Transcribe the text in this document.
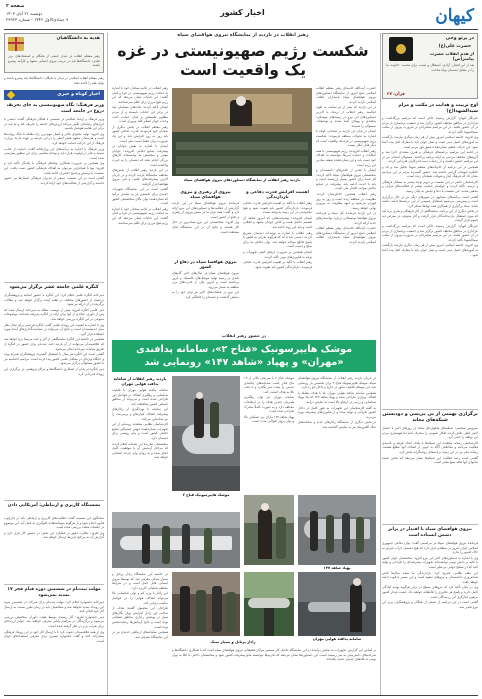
کیهان
اخبار کشور
صفحه ۲
دوشنبه ۲۱ آبان ۱۴۰۳
۹ جمادی‌الاول ۱۴۴۶ - شماره ۲۳۹۲۳
در پرتو وحی
حضرت علی(ع)
از هدم انقلاب حضرت پیامبر(ص)
بعد از این اقتدار، آزادی، استقلال و امنیت برای ماست. خداوند، ما را در مقابل دشمنان توانا ساخت.
قرآن، ۲۷
اوج تربیت و هدایت در مکتب و مرام سیدالشهدا(ع)

خبرنگار کیهان: گزارش رسیده حاکی است که مراسم بزرگداشت و عزاداری در مناطق مختلف کشور برگزار شد و جمعیت پرشماری از مردم در آن حضور یافتند. در این مراسم سخنرانان بر ضرورت پیروی از مکتب سیدالشهدا تأکید کردند.

وی افزود: جامعه اسلامی امروز بیش از هر زمان دیگری نیازمند بازگشت به آموزه‌های اصیل دینی است و نسل جوان باید با معارف اهل بیت آشنا شود. این حرکت عظیم نشان‌دهنده عمق باور مردم است.

در ادامه این مراسم برنامه‌های فرهنگی و هنری متعددی اجرا شد و گروه‌های مختلف مردمی به ارائه برنامه پرداختند. مسئولان استانی نیز در این مراسم حضور داشتند و از زحمات دست‌اندرکاران قدردانی کردند.

همچنین در این برنامه از خانواده‌های معظم شهدا تجلیل شد و یاد و خاطره شهیدان گرامی داشته شد. حضور گسترده مردم در این مراسم نشان داد که فرهنگ ایثار و شهادت همچنان زنده است.

کارشناسان حاضر در این نشست بر لزوم توجه بیشتر به مسائل فرهنگی و تربیتی تأکید کردند و خواستار حمایت بیشتر از فعالیت‌های قرآنی و مذهبی شدند. این نشست با دعا و نیایش به پایان رسید.

گفتنی است برنامه‌های مشابهی در شهرهای دیگر نیز در حال برگزاری است و پیش‌بینی می‌شود استقبال عمومی از این برنامه‌ها ادامه داشته باشد. ستاد برگزاری از همکاری همه نهادها تشکر کرد.

در بخش دیگری از این برنامه، نمایشگاهی از آثار فرهنگی و هنری برپا شد که مورد استقبال بازدیدکنندگان قرار گرفت و آثار متنوعی در معرض دید عموم قرار گرفت.

خبرنگار کیهان: گزارش رسیده حاکی است که مراسم بزرگداشت و عزاداری در مناطق مختلف کشور برگزار شد و جمعیت پرشماری از مردم در آن حضور یافتند. در این مراسم سخنرانان بر ضرورت پیروی از مکتب سیدالشهدا تأکید کردند.

وی افزود: جامعه اسلامی امروز بیش از هر زمان دیگری نیازمند بازگشت به آموزه‌های اصیل دینی است و نسل جوان باید با معارف اهل بیت آشنا شود.

برگزاری بهمنی از بی بی‌سی و دودبستن شبکه‌های معاند

سرویس سیاسی: شبکه‌های ماهواره‌ای معاند در روزهای اخیر با انتشار اخبار جعلی تلاش کردند افکار عمومی را منحرف کنند اما هوشیاری مردم این توطئه را خنثی کرد.

کارشناسان رسانه معتقدند این شبکه‌ها با هدف ایجاد تفرقه و ناامیدی فعالیت می‌کنند و مخاطبان آگاه به خوبی از اهداف آنها مطلع هستند. رسانه ملی نیز در این زمینه برنامه‌های روشنگرانه پخش کرد.

گفتنی است رصد فعالیت این شبکه‌ها نشان می‌دهد که بخش عمده محتوای آنها فاقد منبع معتبر است.

نیروی هوافضای سپاه با اقتدار در برابر دشمن ایستاده است

فرمانده نیروی هوافضای سپاه در مراسمی گفت: توان دفاعی جمهوری اسلامی ایران امروز در سطحی قرار دارد که هیچ دشمنی جرأت تعرض به خاک کشور را ندارد.

وی با اشاره به دستاوردهای اخیر این نیرو افزود: متخصصان جوان کشور با تکیه بر دانش بومی توانسته‌اند تجهیزات پیشرفته‌ای را طراحی و تولید کنند که در سطح جهانی بی‌نظیر است.

این مقام نظامی تصریح کرد: بازدارندگی ما نتیجه سال‌ها تلاش شبانه‌روزی دانشمندان و نیروهای متعهد است و این مسیر با قوت ادامه خواهد یافت.

وی در پایان تأکید کرد که نیروهای مسلح در برابر هرگونه تهدید آمادگی کامل دارند و پاسخ هر تجاوزی را قاطعانه خواهند داد. امنیت پایدار کشور مرهون ایثارگری این رزمندگان است.

گفتنی است در این مراسم از جمعی از نخبگان و پژوهشگران برتر این نیرو تقدیر شد.

رهبر انقلاب در بازدید از نمایشگاه نیروی هوافضای سپاه
شکست رژیم صهیونیستی در غزه یک واقعیت است
هدیه به دانشگاهیان
رهبر معظم انقلاب در دیدار جمعی از نخبگان و استعدادهای برتر علمی: دانشگاه‌ها باید در تربیت نیروی انسانی متعهد و کارآمد پیشرو باشند.

رهبر معظم انقلاب اسلامی در دیدار با نخبگان: دانشگاه‌ها باید پیشرو باشند و تولید علم را ادامه دهند.

اخبار کوتاه و خبری
وزیر فرهنگ: نگاه صهیونیستی به جای تحریف دروغ در جامعه است

وزیر فرهنگ و ارشاد اسلامی در نشستی با فعالان فرهنگی گفت: دشمن با ابزارهای رسانه‌ای تلاش می‌کند ارزش‌های جامعه را تحریف کند و ما باید در برابر این هجمه هوشیار باشیم.

وی افزود: تولید محتوای فاخر و اصیل مهم‌ترین راه مقابله با جنگ روایت‌ها است و هنرمندان متعهد نقش اصلی را در این عرصه بر عهده دارند. وزارت فرهنگ از این حرکت حمایت خواهد کرد.

وزیر فرهنگ با اشاره به برنامه‌های این وزارتخانه گفت: حمایت از کتاب، سینما و تئاتر در اولویت قرار دارد و بودجه مناسبی برای این منظور پیش‌بینی شده است.

وی همچنین بر ضرورت همکاری نهادهای فرهنگی با یکدیگر تأکید کرد و افزود: تنها با هم‌افزایی می‌توان به اهداف فرهنگی کشور دست یافت. این نشست با پرسش و پاسخ حاضران ادامه یافت.

گفتنی است در این نشست جمعی از مدیران فرهنگی استان‌ها نیز حضور داشتند و گزارشی از فعالیت‌های خود ارائه کردند.

کنگره علمی جامعه عشر برگزار می‌شود

دبیرخانه کنگره علمی اعلام کرد: این کنگره با حضور اساتید و پژوهشگران برجسته از کشورهای مختلف در هفته آینده برگزار خواهد شد و مقالات برگزیده در آن ارائه می‌شود.

دبیر علمی کنگره افزود: بیش از دویست مقاله به دبیرخانه ارسال شده که پس از داوری، تعدادی از آنها برای ارائه در کنگره پذیرفته شده‌اند. موضوعات متنوعی در این کنگره بررسی خواهد شد.

وی با اشاره به اهمیت این رویداد علمی گفت: کنگره فرصتی برای تبادل نظر میان اندیشمندان است و نتایج آن می‌تواند در سیاست‌گذاری‌های آینده مورد استفاده قرار گیرد.

همچنین در حاشیه این کنگره نمایشگاهی از آثار و کتب مرتبط برپا خواهد شد که علاقه‌مندان می‌توانند از آن بازدید کنند. ثبت‌نام برای حضور در کنگره از طریق سامانه دبیرخانه انجام می‌شود.

گفتنی است این کنگره هر سال با استقبال گسترده پژوهشگران همراه بوده و جایگاه ویژه‌ای در محافل علمی کشور پیدا کرده است. مراسم اختتامیه نیز با حضور مسئولان برگزار می‌شود.

دبیر کنگره در پایان از همکاری دانشگاه‌ها و مراکز پژوهشی در برگزاری این رویداد قدردانی کرد.

نشستگاه کاربری و ارتباطی: آمریکایی دادن

سخنگوی این نشست گفت: فعالیت‌های کاربری و ارتباطی باید در چارچوب قانون انجام شود و از هرگونه سوءاستفاده جلوگیری به عمل آید. این موضوع در جلسات متعدد بررسی شده است.

وی افزود: نظارت دقیق بر عملکرد این بخش در دستور کار قرار دارد و گزارش آن به مراجع ذی‌ربط ارسال خواهد شد.

مهلت ثبت‌نام در ششمین دوره قیام فجر ۱۷ تمدید نمی‌شود

دبیرخانه جشنواره اعلام کرد: مهلت ثبت‌نام برای شرکت در ششمین دوره این رویداد تمدید نخواهد شد و متقاضیان باید در زمان مقرر نسبت به ارسال آثار خود اقدام کنند.

دبیر جشنواره افزود: آثار رسیده توسط هیئت داوران متخصص بررسی می‌شود و برگزیدگان در مراسم پایانی معرفی خواهند شد. جوایز ارزنده‌ای برای نفرات برتر در نظر گرفته شده است.

وی از همه علاقه‌مندان دعوت کرد تا با ارسال آثار خود در این رویداد فرهنگی مشارکت کنند و گفت جشنواره بستری برای معرفی استعدادهای جوان است.

بازدید رهبر انقلاب از نمایشگاه دستاوردهای نیروی هوافضای سپاه

حضرت آیت‌الله خامنه‌ای رهبر معظم انقلاب اسلامی صبح امروز از نمایشگاه دستاوردهای نیروی هوافضای سپاه پاسداران انقلاب اسلامی بازدید کردند.

در این بازدید که بیش از دو ساعت به طول انجامید، رهبر انقلاب از نزدیک با آخرین دستاوردهای این نیرو در زمینه‌های موشکی، پدافندی و پهپادی آشنا شدند و توضیحات مسئولان را شنیدند.

ایشان در پایان این بازدید در سخنانی کوتاه با اشاره به تحولات منطقه فرمودند: شکست رژیم صهیونیستی در غزه یک واقعیت است که دیگر قابل انکار نیست.

رهبر انقلاب افزودند: رژیم صهیونیستی با همه امکانات و حمایت آمریکا نتوانسته به اهداف خود دست یابد و این نشان‌دهنده ضعف بنیادین این رژیم است.

ایشان با تقدیر از تلاش‌های دانشمندان و متخصصان نیروی هوافضای سپاه تأکید کردند: کار شما برای کشور بسیار ارزشمند است و باید با جدیت ادامه یابد. پیشرفت در صنایع دفاعی موجب اقتدار ملی است.

رهبر انقلاب همچنین خاطرنشان کردند: مقاومت در منطقه زنده است و روز به روز قوی‌تر می‌شود و جبهه مقاومت به پیروزی نهایی خواهد رسید.

در این بازدید فرمانده کل سپاه و فرمانده نیروی هوافضا توضیحاتی درباره توانمندی‌های جدید ارائه کردند.

حضرت آیت‌الله خامنه‌ای رهبر معظم انقلاب اسلامی صبح امروز از نمایشگاه دستاوردهای نیروی هوافضای سپاه پاسداران انقلاب اسلامی بازدید کردند.

رهبر انقلاب در ادامه سخنان خود با اشاره به جنایات رژیم صهیونیستی در غزه و لبنان گفتند: این جنایات نشان می‌دهد که این رژیم هیچ مرزی برای ظلم نمی‌شناسد.

ایشان تأکید کردند: ملت‌های مسلمان باید در برابر این جنایات بایستند و از مردم مظلوم فلسطین و لبنان حمایت کنند. وحدت جهان اسلام کلید پیروزی است.

رهبر معظم انقلاب در بخش دیگری از سخنان خود فرمودند: قدرت دفاعی کشور باید روز به روز افزایش یابد و این یک ضرورت برای حفظ امنیت ملی است.

ایشان با اشاره به نقش جوانان در پیشرفت صنایع دفاعی افزودند: جوانان مؤمن و متخصص ما توانسته‌اند کارهای بزرگی انجام دهند که دشمنان را به حیرت واداشته است.

در این بازدید رهبر انقلاب از بخش‌های مختلف نمایشگاه بازدید کردند و در جریان آخرین پیشرفت‌های علمی و فنی نیروی هوافضا قرار گرفتند.

گفتنی است در این نمایشگاه تجهیزات جدیدی برای نخستین بار به نمایش درآمد که نشان‌دهنده توان بالای متخصصان کشور است.

رهبر انقلاب در ادامه سخنان خود با اشاره به جنایات رژیم صهیونیستی در غزه و لبنان گفتند: این جنایات نشان می‌دهد که این رژیم هیچ مرزی برای ظلم نمی‌شناسد.

اهمیت افزایش قدرت دفاعی و بازدارندگی

رهبر انقلاب با تأکید بر اهمیت افزایش قدرت دفاعی فرمودند: بازدارندگی کشور باید تقویت شود و هیچ محدودیتی در این زمینه پذیرفته نیست.

ایشان افزودند: پیشرفت‌هایی که امروز شاهد آن هستیم حاصل همت و تلاش جوانان متعهد و انقلابی است و باید این روند ادامه یابد.

رهبر انقلاب با اشاره به تهدیدات دشمنان تصریح کردند: دشمن باید بداند که هرگونه تعرض به کشور با پاسخ قاطع مواجه خواهد شد. توان دفاعی ما برای صلح و امنیت است.

ایشان همچنین بر ضرورت ارتقای کیفی تجهیزات و توجه به فناوری‌های نوین تأکید کردند.

رهبر انقلاب با تأکید بر اهمیت افزایش قدرت دفاعی فرمودند: بازدارندگی کشور باید تقویت شود.

پیروی از رهبری و نیروی هوافضای سپاه

فرمانده نیروی هوافضای سپاه در این بازدید گزارشی از فعالیت‌ها و دستاوردهای این نیرو ارائه کرد و گفت: همه توان ما در مسیر پیروی از رهبری و دفاع از کشور است.

وی افزود: متخصصان این نیرو شبانه‌روز در حال کار هستند و نتایج آن در این نمایشگاه قابل مشاهده است.

نیروی هوافضا سپاه در دفاع از کشور

نیروی هوافضای سپاه در سال‌های اخیر گام‌های بلندی در زمینه تولید موشک‌های بالستیک و کروز برداشته است و امروز یکی از قدرت‌های برتر منطقه به شمار می‌رود.

این نیرو در عملیات‌های اخیر نیز توان خود را به نمایش گذاشت و دشمنان را غافلگیر کرد.

در حضور رهبر انقلاب
موشک هایپرسونیک «فتاح ۲»، سامانه پدافندی «مهران» و پهپاد «شاهد ۱۴۷» رونمایی شد

در جریان بازدید رهبر انقلاب از نمایشگاه نیروی هوافضای سپاه، موشک هایپرسونیک فتاح ۲ برای نخستین بار رونمایی شد. این موشک قابلیت مانور در خارج و داخل جو را دارد.

همچنین سامانه پدافند هوایی مهران که با هدف مقابله با اهداف پروازی طراحی شده و پهپاد شاهد ۱۴۷ که یک پهپاد شناسایی و رزمی در ارتفاع بالا است به نمایش درآمد.

به گفته کارشناسان این تجهیزات به طور کامل در داخل کشور طراحی و تولید شده و از فناوری‌های پیشرفته بهره می‌برند.

در بخش دیگری از نمایشگاه رادارهای جدید و سامانه‌های جنگ الکترونیک نیز به نمایش گذاشته شد.

موشک فتاح ۲ با سرعتی بالاتر از ۱۳ ماخ قادر است سامانه‌های پدافندی دشمن را پشت سر بگذارد و با دقت بالا به هدف اصابت کند.

سامانه مهران نیز توان رهگیری همزمان چندین هدف را در ارتفاعات مختلف دارد و به صورت کاملاً متحرک طراحی شده است.

پهپاد شاهد ۱۴۷ دارای برد عملیاتی بالا و توان پرواز طولانی مدت است.

موشک هایپرسونیک فتاح ۲
بازدید رهبر انقلاب از سامانه پدافند هوایی مهران

سامانه پدافند هوایی مهران با قابلیت شناسایی و رهگیری اهداف در فواصل دور طراحی شده است و می‌تواند از مناطق حساس کشور محافظت کند.

این سامانه با بهره‌گیری از رادارهای پیشرفته، اهداف کم‌ارتفاع و پرسرعت را نیز شناسایی می‌کند.

کارشناسان نظامی معتقدند رونمایی از این تجهیزات نشان‌دهنده جهش چشمگیر صنایع دفاعی کشور است و پیام روشنی برای دشمنان دارد.

متخصصان سازنده این سامانه اعلام کردند که مراحل آزمایش آن با موفقیت کامل انجام شده و به زودی وارد چرخه عملیاتی خواهد شد.

پهپاد شاهد ۱۴۷
سامانه پدافند هوایی مهران

در حاشیه این نمایشگاه رادار پرتابل و بسیار سبکی معرفی شد که توسط نیروی انسانی قابل حمل است و در شرایط مختلف عملیاتی کاربرد دارد.

این رادار با وزن کم و توان شناسایی بالا می‌تواند اهداف هوایی را در فواصل مناسب ردیابی کند.

طراحان این محصول گفتند: هدف از ساخت این رادار افزایش توان یگان‌های سیار در پوشش راداری مناطق عملیاتی بوده است و نتایج آزمایش‌ها رضایت‌بخش بوده است.

همچنین سامانه‌های ارتباطی جدیدی نیز در این نمایشگاه معرفی شد.

رادار پرتابل و بسیار سبک

بر اساس این گزارش، تجهیزات به نمایش درآمده در این نمایشگاه حاصل کار مستمر مراکز تحقیقاتی نیروی هوافضای سپاه است که با همکاری دانشگاه‌ها و شرکت‌های دانش‌بنیان به ثمر رسیده است. این دستاوردها نشان می‌دهد که تحریم‌ها نتوانسته مانع پیشرفت کشور شود و متخصصان داخلی با اتکا به توان بومی به قله‌های جدیدی دست یافته‌اند.
